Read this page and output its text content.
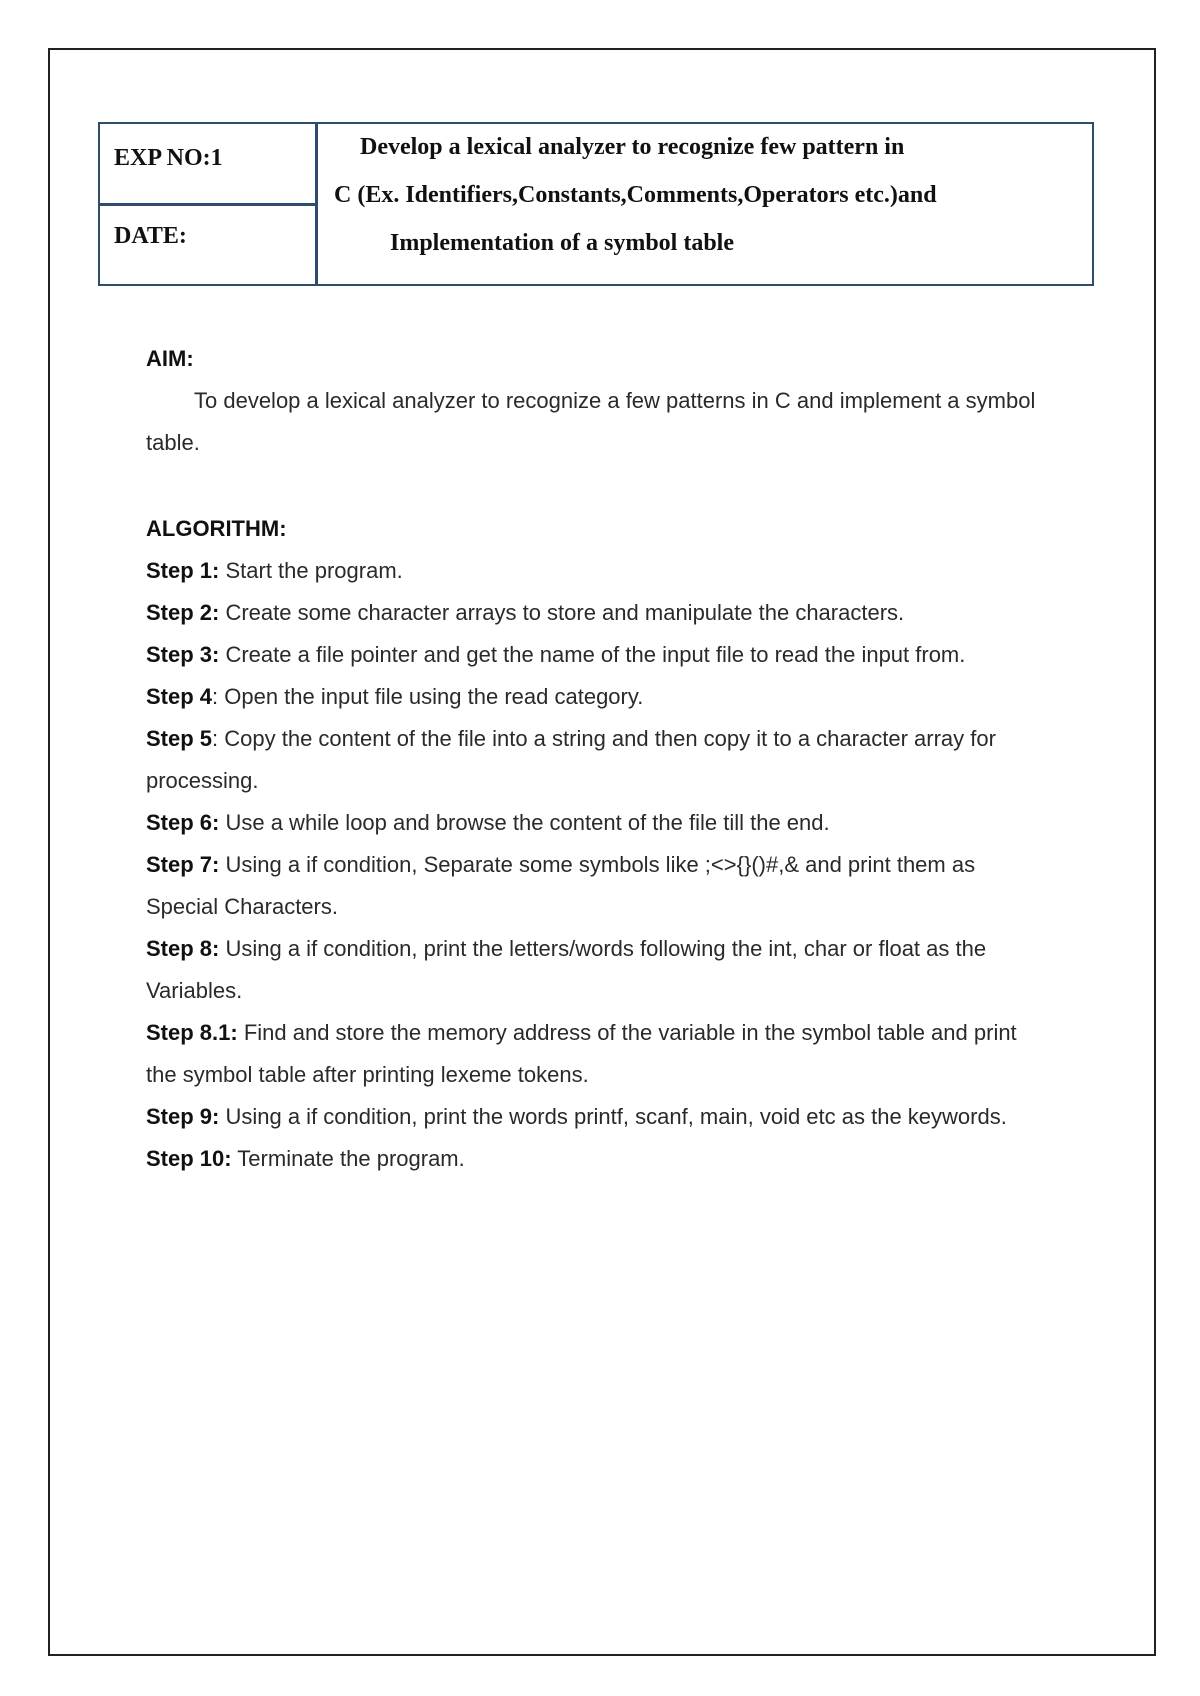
EXP NO:1
DATE:
Develop a lexical analyzer to recognize few pattern in
C (Ex. Identifiers,Constants,Comments,Operators etc.)and
Implementation of a symbol table

AIM:

To develop a lexical analyzer to recognize a few patterns in C and implement a symbol table.

ALGORITHM:

Step 1: Start the program.

Step 2: Create some character arrays to store and manipulate the characters.

Step 3: Create a file pointer and get the name of the input file to read the input from.

Step 4: Open the input file using the read category.

Step 5: Copy the content of the file into a string and then copy it to a character array for processing.

Step 6: Use a while loop and browse the content of the file till the end.

Step 7: Using a if condition, Separate some symbols like ;<>{}()#,& and print them as Special Characters.

Step 8: Using a if condition, print the letters/words following the int, char or float as the Variables.

Step 8.1: Find and store the memory address of the variable in the symbol table and print the symbol table after printing lexeme tokens.

Step 9: Using a if condition, print the words printf, scanf, main, void etc as the keywords.

Step 10: Terminate the program.
